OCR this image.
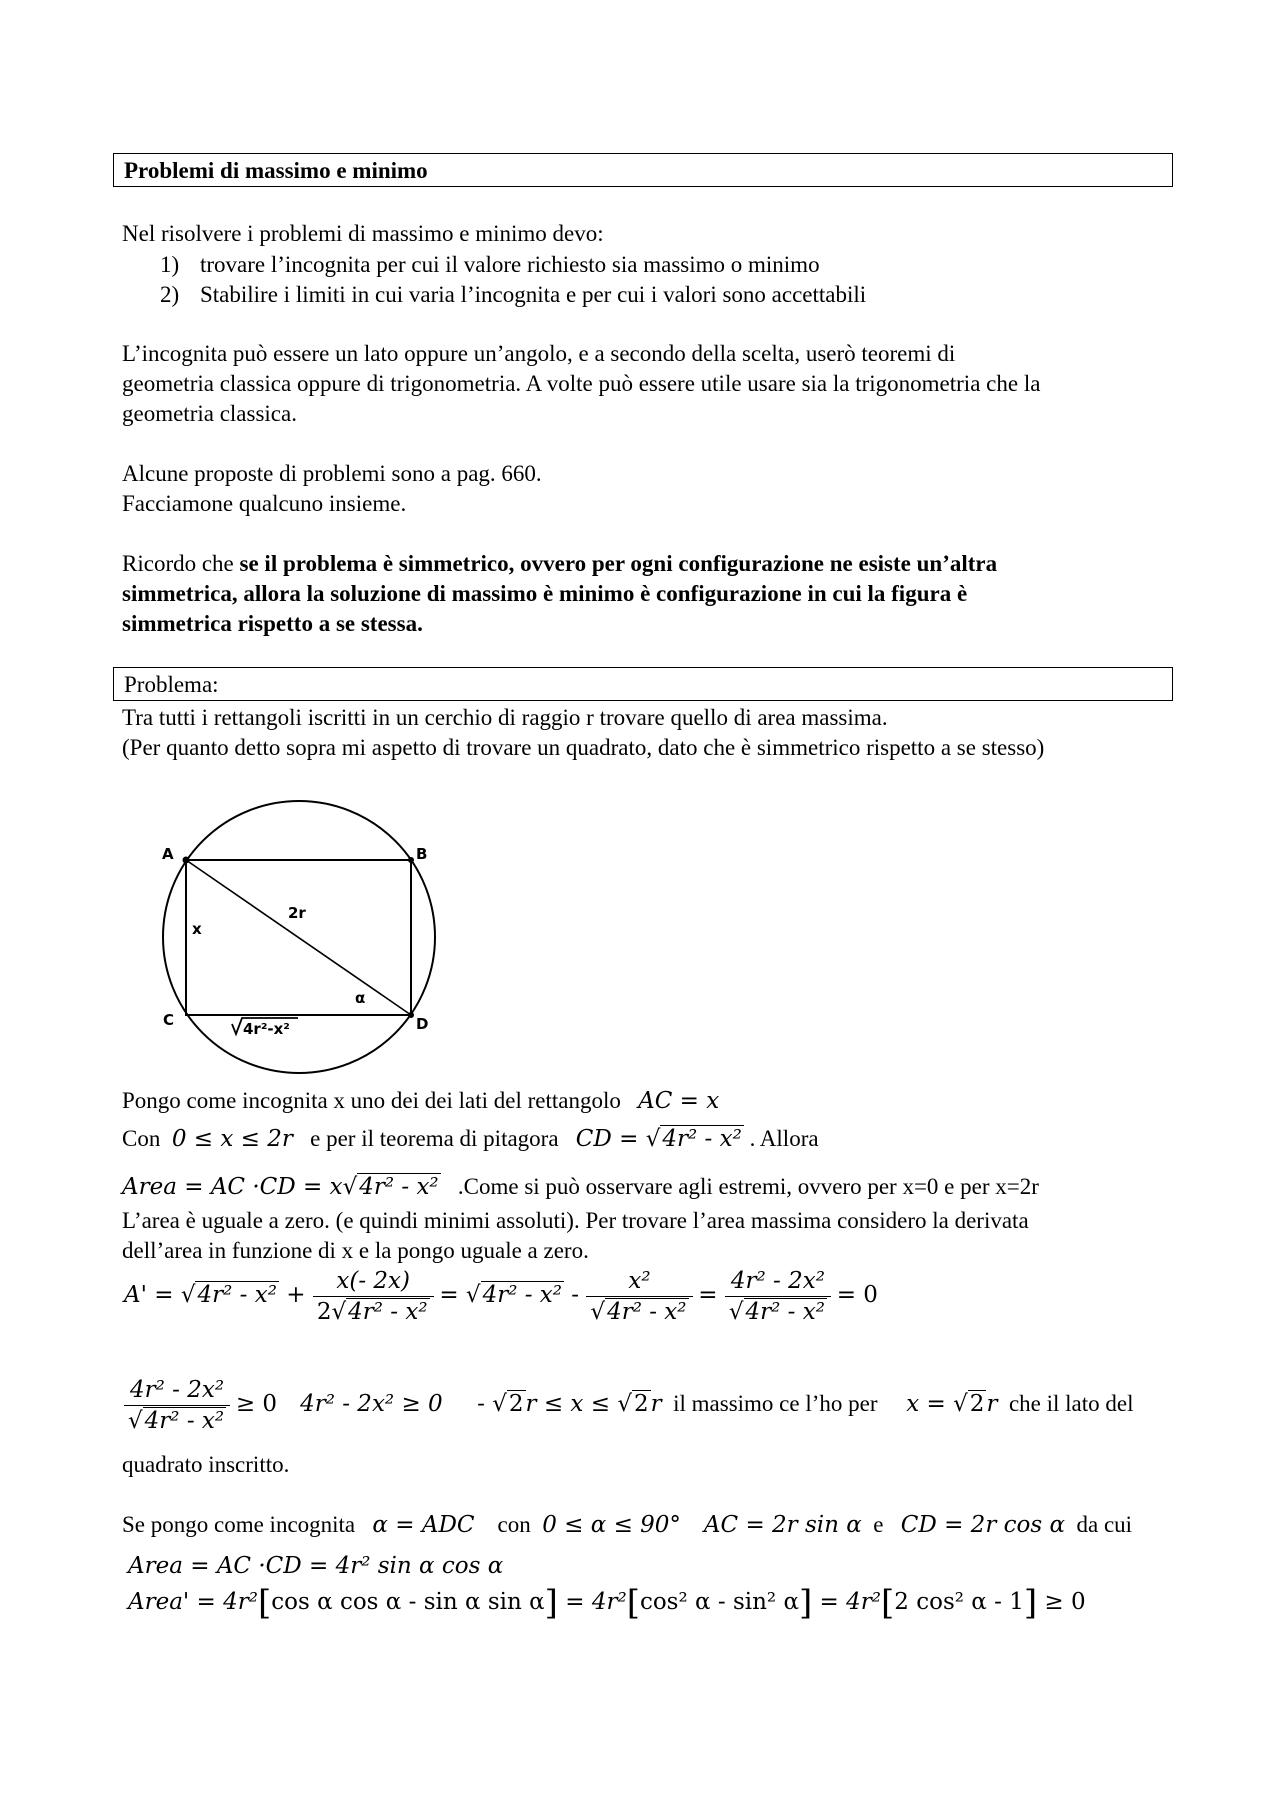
Problemi di massimo e minimo
Nel risolvere i problemi di massimo e minimo devo:
1) trovare l’incognita per cui il valore richiesto sia massimo o minimo
2) Stabilire i limiti in cui varia l’incognita e per cui i valori sono accettabili
L’incognita può essere un lato oppure un’angolo, e a secondo della scelta, userò teoremi di
geometria classica oppure di trigonometria. A volte può essere utile usare sia la trigonometria che la
geometria classica.
Alcune proposte di problemi sono a pag. 660.
Facciamone qualcuno insieme.
Ricordo che se il problema è simmetrico, ovvero per ogni configurazione ne esiste un’altra
simmetrica, allora la soluzione di massimo è minimo è configurazione in cui la figura è
simmetrica rispetto a se stessa.
Problema:
Tra tutti i rettangoli iscritti in un cerchio di raggio r trovare quello di area massima.
(Per quanto detto sopra mi aspetto di trovare un quadrato, dato che è simmetrico rispetto a se stesso)
A	B
C	D
x
2r
α
4r²-x²
Pongo come incognita x uno dei dei lati del rettangolo AC = x
Con 0 ≤ x ≤ 2r e per il teorema di pitagora CD = √4r² - x² . Allora
Area = AC ·CD = x√4r² - x² .Come si può osservare agli estremi, ovvero per x=0 e per x=2r
L’area è uguale a zero. (e quindi minimi assoluti). Per trovare l’area massima considero la derivata
dell’area in funzione di x e la pongo uguale a zero.
$A' = √4r^2 - x^2 + \frac{x(- 2x)}{\text{2√4r² - x²}} = √4r^2 - x^2 - \frac{\text{x²}}{\text{√4r² - x²}} = \frac{\text{4r² - 2x²}}{\text{√4r² - x²}} = 0$
$\frac{\text{4r² - 2x²}}{\text{√4r² - x²}} \ge 0$ 4r² - 2x² ≥ 0 - √2r ≤ x ≤ √2r il massimo ce l’ho per x = √2r che il lato del
quadrato inscritto.
Se pongo come incognita α = ADC con 0 ≤ α ≤ 90° AC = 2r sin α e CD = 2r cos α da cui
Area = AC ·CD = 4r² sin α cos α
Area' = 4r²[cos α cos α - sin α sin α] = 4r²[cos² α - sin² α] = 4r²[2 cos² α - 1] ≥ 0
